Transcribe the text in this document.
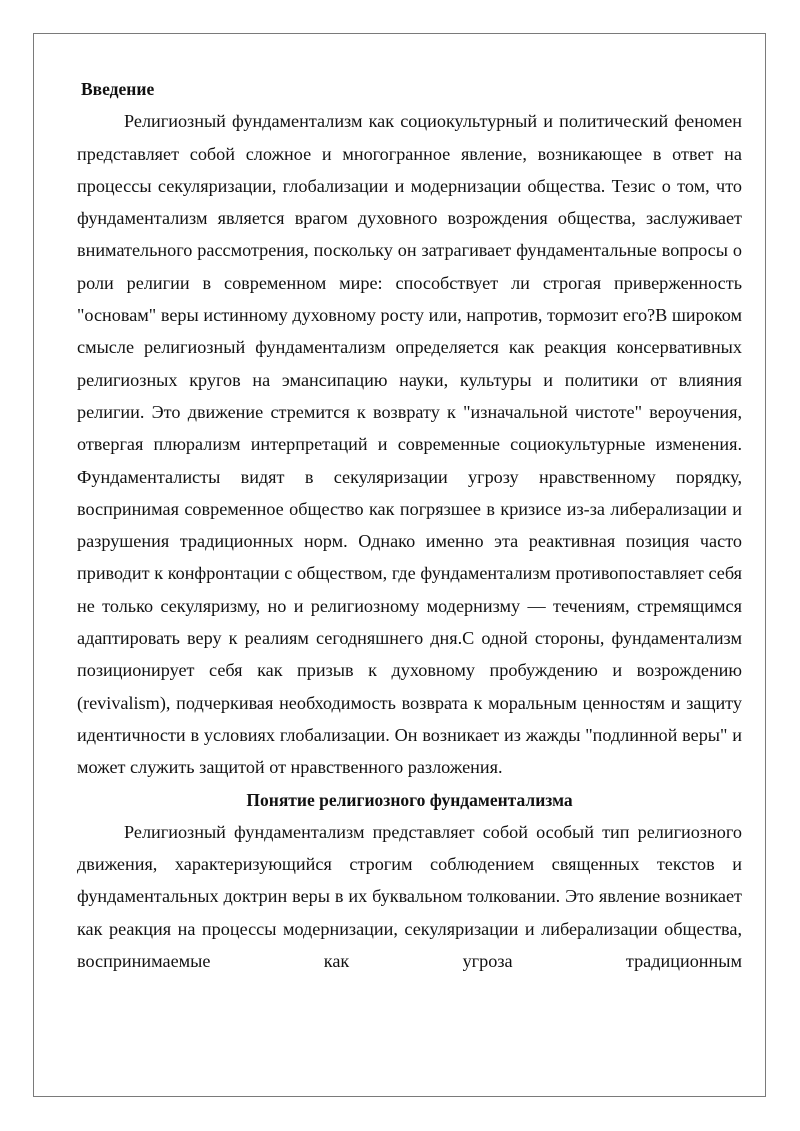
Введение

Религиозный фундаментализм как социокультурный и политический феномен представляет собой сложное и многогранное явление, возникающее в ответ на процессы секуляризации, глобализации и модернизации общества. Тезис о том, что фундаментализм является врагом духовного возрождения общества, заслуживает внимательного рассмотрения, поскольку он затрагивает фундаментальные вопросы о роли религии в современном мире: способствует ли строгая приверженность "основам" веры истинному духовному росту или, напротив, тормозит его?В широком смысле религиозный фундаментализм определяется как реакция консервативных религиозных кругов на эмансипацию науки, культуры и политики от влияния религии. Это движение стремится к возврату к "изначальной чистоте" вероучения, отвергая плюрализм интерпретаций и современные социокультурные изменения. Фундаменталисты видят в секуляризации угрозу нравственному порядку, воспринимая современное общество как погрязшее в кризисе из-за либерализации и разрушения традиционных норм. Однако именно эта реактивная позиция часто приводит к конфронтации с обществом, где фундаментализм противопоставляет себя не только секуляризму, но и религиозному модернизму — течениям, стремящимся адаптировать веру к реалиям сегодняшнего дня.С одной стороны, фундаментализм позиционирует себя как призыв к духовному пробуждению и возрождению (revivalism), подчеркивая необходимость возврата к моральным ценностям и защиту идентичности в условиях глобализации. Он возникает из жажды "подлинной веры" и может служить защитой от нравственного разложения.

Понятие религиозного фундаментализма

Религиозный фундаментализм представляет собой особый тип религиозного движения, характеризующийся строгим соблюдением священных текстов и фундаментальных доктрин веры в их буквальном толковании. Это явление возникает как реакция на процессы модернизации, секуляризации и либерализации общества, воспринимаемые как угроза традиционным
